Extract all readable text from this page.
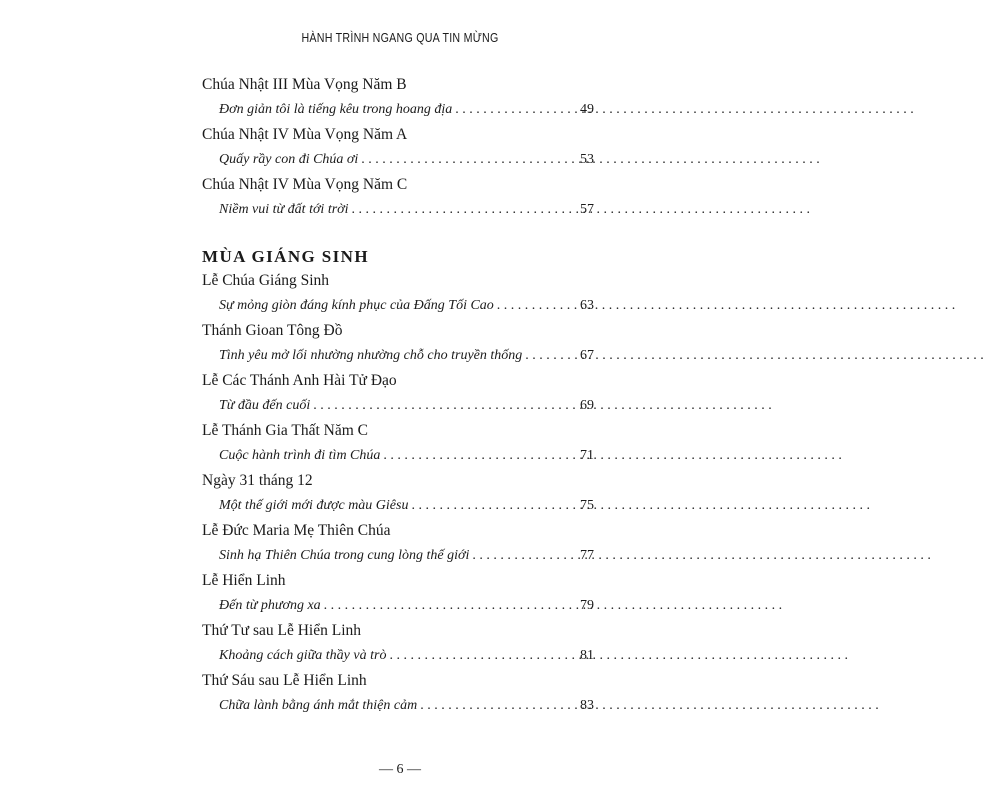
HÀNH TRÌNH NGANG QUA TIN MỪNG
Chúa Nhật III Mùa Vọng Năm B
Đơn giản tôi là tiếng kêu trong hoang địa . . .	49
Chúa Nhật IV Mùa Vọng Năm A
Quấy rầy con đi Chúa ơi . . .	53
Chúa Nhật IV Mùa Vọng Năm C
Niềm vui từ đất tới trời . . .	57
MÙA GIÁNG SINH
Lễ Chúa Giáng Sinh
Sự mỏng giòn đáng kính phục của Đấng Tối Cao . . .	63
Thánh Gioan Tông Đồ
Tình yêu mở lối nhường nhường chỗ cho truyền thống . . .	67
Lễ Các Thánh Anh Hài Tử Đạo
Từ đầu đến cuối . . .	69
Lễ Thánh Gia Thất Năm C
Cuộc hành trình đi tìm Chúa . . .	71
Ngày 31 tháng 12
Một thế giới mới được màu Giêsu . . .	75
Lễ Đức Maria Mẹ Thiên Chúa
Sinh hạ Thiên Chúa trong cung lòng thế giới . . .	77
Lễ Hiển Linh
Đến từ phương xa . . .	79
Thứ Tư sau Lễ Hiển Linh
Khoảng cách giữa thầy và trò . . .	81
Thứ Sáu sau Lễ Hiển Linh
Chữa lành bằng ánh mắt thiện cảm . . .	83
— 6 —
